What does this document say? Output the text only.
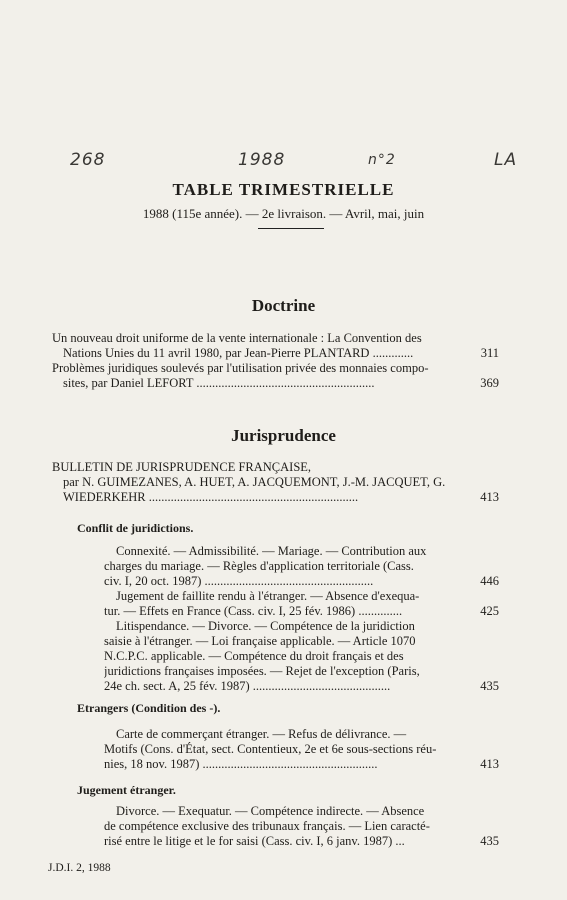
268	1988	n°2	LA
TABLE TRIMESTRIELLE
1988 (115e année). — 2e livraison. — Avril, mai, juin
Doctrine
Un nouveau droit uniforme de la vente internationale : La Convention des
Nations Unies du 11 avril 1980, par Jean-Pierre PLANTARD .............	311
Problèmes juridiques soulevés par l'utilisation privée des monnaies compo-
sites, par Daniel LEFORT .........................................................	369
Jurisprudence
BULLETIN DE JURISPRUDENCE FRANÇAISE,
par N. GUIMEZANES, A. HUET, A. JACQUEMONT, J.-M. JACQUET, G.
WIEDERKEHR ...................................................................	413
Conflit de juridictions.
Connexité. — Admissibilité. — Mariage. — Contribution aux
charges du mariage. — Règles d'application territoriale (Cass.
civ. I, 20 oct. 1987) ......................................................	446
Jugement de faillite rendu à l'étranger. — Absence d'exequa-
tur. — Effets en France (Cass. civ. I, 25 fév. 1986) ..............	425
Litispendance. — Divorce. — Compétence de la juridiction
saisie à l'étranger. — Loi française applicable. — Article 1070
N.C.P.C. applicable. — Compétence du droit français et des
juridictions françaises imposées. — Rejet de l'exception (Paris,
24e ch. sect. A, 25 fév. 1987) ............................................	435
Etrangers (Condition des -).
Carte de commerçant étranger. — Refus de délivrance. —
Motifs (Cons. d'État, sect. Contentieux, 2e et 6e sous-sections réu-
nies, 18 nov. 1987) ........................................................	413
Jugement étranger.
Divorce. — Exequatur. — Compétence indirecte. — Absence
de compétence exclusive des tribunaux français. — Lien caracté-
risé entre le litige et le for saisi (Cass. civ. I, 6 janv. 1987) ...	435
J.D.I. 2, 1988
